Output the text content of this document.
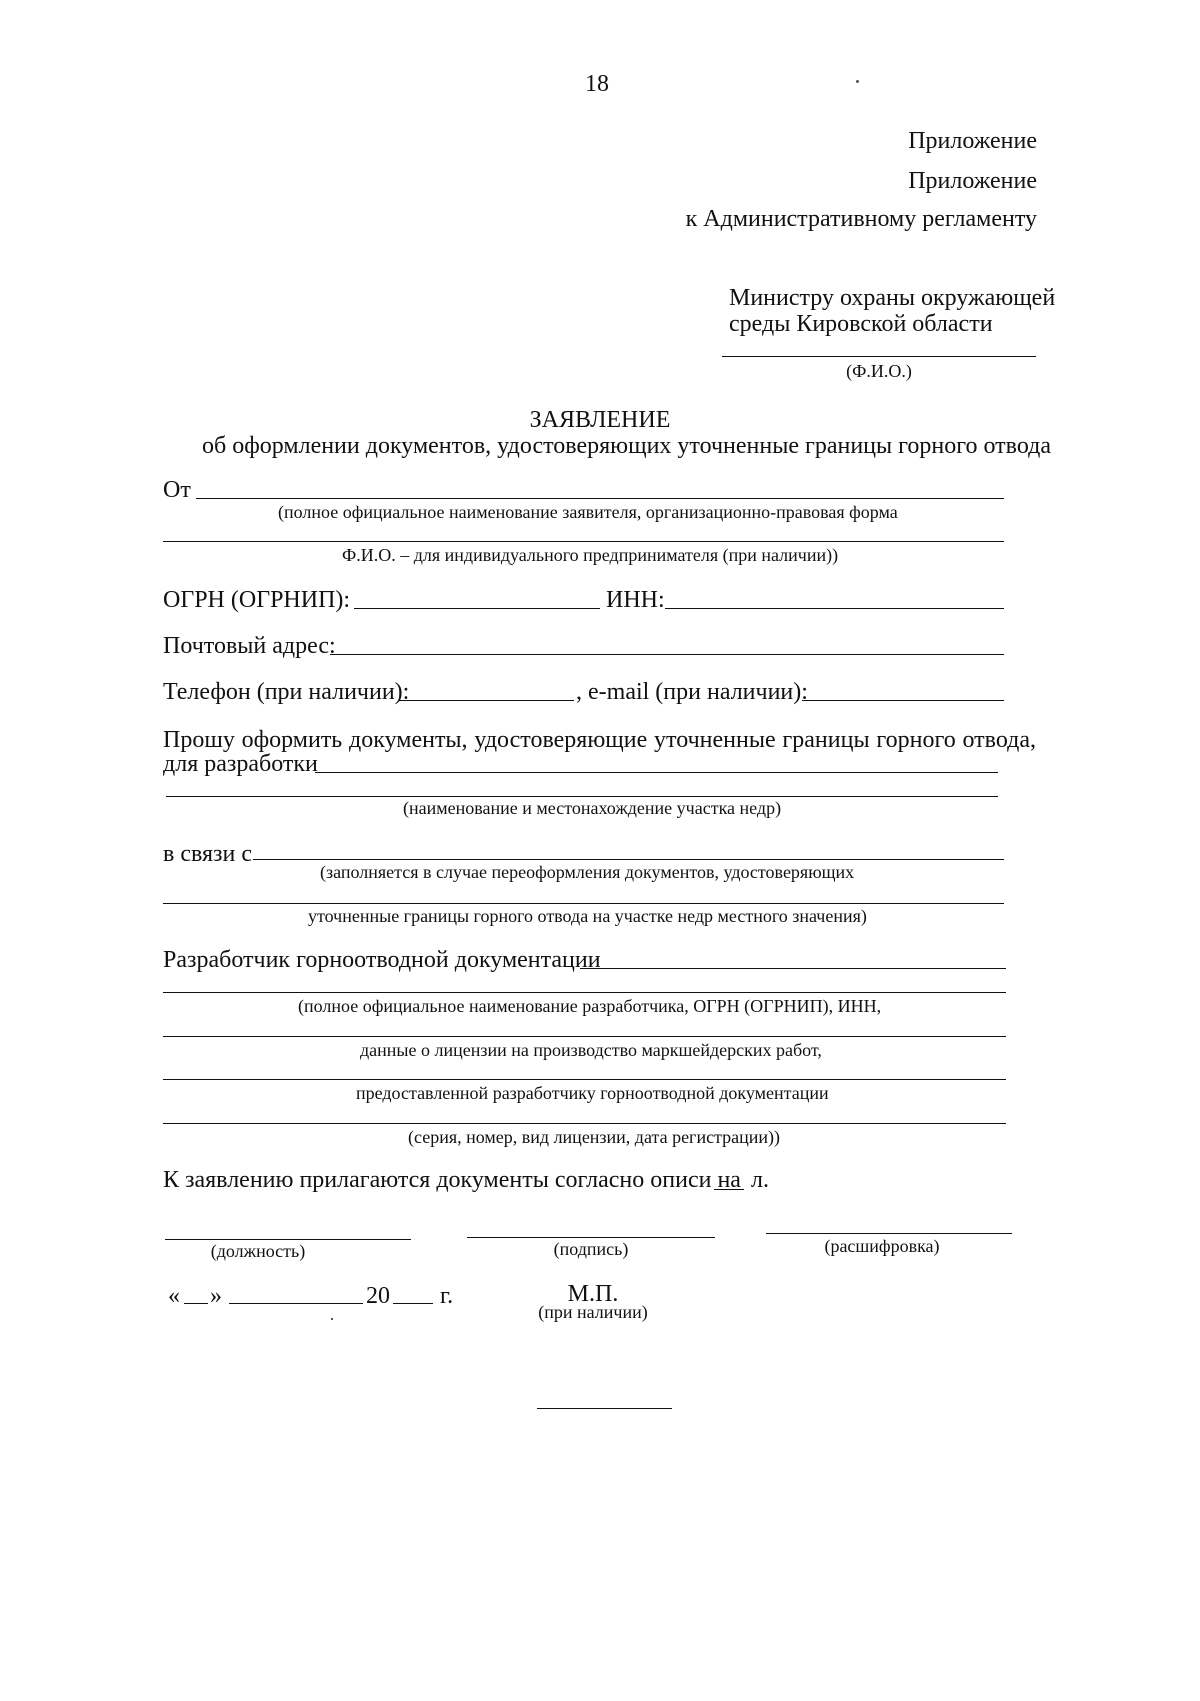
18
Приложение
Приложение
к Административному регламенту
Министру охраны окружающей
среды Кировской области
(Ф.И.О.)
ЗАЯВЛЕНИЕ
об оформлении документов, удостоверяющих уточненные границы горного отвода
От
(полное официальное наименование заявителя, организационно-правовая форма
Ф.И.О. – для индивидуального предпринимателя (при наличии))
ОГРН (ОГРНИП):	ИНН:
Почтовый адрес:
Телефон (при наличии):	, e-mail (при наличии):
Прошу оформить документы, удостоверяющие уточненные границы горного отвода,
для разработки
(наименование и местонахождение участка недр)
в связи с
(заполняется в случае переоформления документов, удостоверяющих
уточненные границы горного отвода на участке недр местного значения)
Разработчик горноотводной документации
(полное официальное наименование разработчика, ОГРН (ОГРНИП), ИНН,
данные о лицензии на производство маркшейдерских работ,
предоставленной разработчику горноотводной документации
(серия, номер, вид лицензии, дата регистрации))
К заявлению прилагаются документы согласно описи на л.
(должность)	(подпись)	(расшифровка)
« »	20 г.	М.П.
(при наличии)
